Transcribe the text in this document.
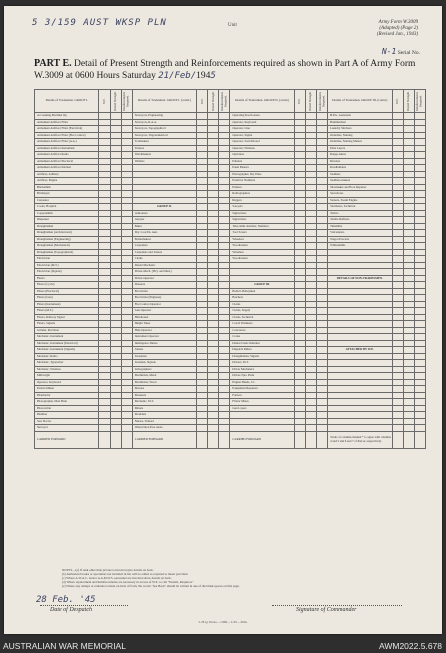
5 3/159 AUST WKSP PLN	Unit
Army Form W.3009
(Adapted) (Page 2)
(Revised Jan., 1943)
N-1 Serial No.
PART E. Detail of Present Strength and Reinforcements required as shown in Part A of Army Form W.3009 at 0600 Hours Saturday 21/Feb/1945
Details of Tradesmen. GROUP I.	W.E.	Posted Strength.	Reinforcements Required.	Details of Tradesmen. GROUP I. (contd.)	W.E.	Posted Strength.	Reinforcements Required.	Details of Tradesmen. GROUP II. (contd.)	W.E.	Posted Strength.	Reinforcements Required.	Details of Tradesmen. GROUP III. (contd.)	W.E.	Posted Strength.	Reinforcements Required.
Accounting Machine Op.				Surveyors, Engineering				Operating Room Assts.				H.P.G. Assistants			
Armament Artificer Fitter				Surveyors, R.A.A.				Operator, Keyboard				Hammermen			
Armament Artificer Fitter (Electrical)				Surveyors, Topographical				Operator, Line				Laundry Stitchers			
Armament Artificer Fitter (Fire Control)				Surveyors, Trigonometrical				Operator, Signal				Orderlies, Nursing			
Armament Artificer Fitter (A.A.)				Toolmakers				Operator, Switchboard				Orderlies, Nursing Mental			
Armament Artificer Instrument				Turners				Operator, Wireless				Plate Layers			
Armament Artificer Radio				Watchmakers				Opticians				Range-takers			
Armament Artificer Electrical				Welders				Painters				Riveters			
Armament Artificer Kitchen								Panel Beaters				Roadbuilders			
Artificer, Artillery								Photographer, Dry Plate				Saddlers			
Artificer, Engine								Predictor Numbers				Saddlers-makers			
Blacksmith								Printers				Shoemaker and Boot Repairer			
Bricklayer								Radiographers				Stevedores			
Carpenter								Riggers				Stokers, Steam Engine			
Cooks, Hospital				GROUP II.				Sawyers				Sterilizers, Technical			
Coppersmith				Armourers				Signwriters				Tailors			
Dispenser				Assayer				Signwriters				Textile Refitters			
Draughtsman				Baker				Telecomm. Installer, Numbers				Tinsmiths			
Draughtsman (Architectural)				Dry. Coach'n. Asst.				Tool Savers				Vulcanizers			
Draughtsman (Engineering)				Boilermakers				Wheelers				Wagon Erecters			
Draughtsman (Mechanical)				Carpenters				Woodturners				Whitesmiths			
Draughtsman (Topographical)				Carpenters and Joiners				Wiremen							
Electrician				Clerks				Woodturners							
Electrician (M.T.)				Dental Mechanic											
Electrician (Signals)				Driver-Mech. (Hvy. and Med.)											
Fitters				Driver-Operator								DETAILS OF NON-TRADESMEN.			
Fitters (Cycle)				Dressers				GROUP III.							
Fitters (Electrical)				Electrician				Ballot's Batteymen							
Fitters (Gun)				Electrician (Engineer)				Batchers							
Fitters (Instrument)				Fire Control Operator				Clerks							
Fitters (M.T.)				Gun Operator				Clerks, Supply							
Fitters, Railway Signal				Hairdresser				Clerks, Technical							
Fitters, Signals				Height Taker				Coach Trimmers							
Grinder, Precision				Hide Operator				Concretors							
Mechanic, Instrument				Instrument Operator				Cooks							
Mechanic, Instrument (Electrical)				Intelligence Duties				Dental Clerk Orderlies							
Mechanic, Instrument (Signals)				Joiners				Dispatch Riders				ATTACHED BY W.E.			
Mechanic, Radio				Linesman				Draughtsmen, Signals							
Mechanic, Typewriter				Lineman, Signals				Drivers, M.T.							
Mechanic, Wireless				Lithographers				Driver Mechanics							
Millwright				Machinists, Metal				Driver-Tpts. Plant							
Operator, Keyboard				Machinists, Wood				Engine Hands, I.C.							
Pattern Maker				Masons				Equipment Repairers							
Pharmacist				Masseurs				Farriers							
Photographer, Med Pluie				Mechanic, M.T.				Fitters' Mates							
Photowriter				Miners				Gun Layers							
Plumber				Moulders											
Saw Doctor				Nurses, Trained											
Surveyor				Observation Post Assts.											
CARRIED FORWARD				CARRIED FORWARD				CARRIED FORWARD				Totals of columns marked * to agree with columns 4 and 5 and 6 and 7 of Part A, respectively.			
NOTES—(a) If rank other than private is involved give details on back.
(b) Authorized trades or specialists not included in list will be added as required to meter provided.
(c) Where A.W.A.C. and/or A.A.M.W.S. personnel are involved show details on back.
(d) Where replacement and Reinforcements are necessary in excess of W.E. to cell "Details, Required."
(e) Where any remaps or remarks is made on back of form, the words "See Back" should be written in one of the blank spaces on this page.
28 Feb. '45
Date of Despatch	Signature of Commander
L.H.Q. Press—1366—1/45—30m.
AUSTRALIAN WAR MEMORIAL	AWM2022.5.678
